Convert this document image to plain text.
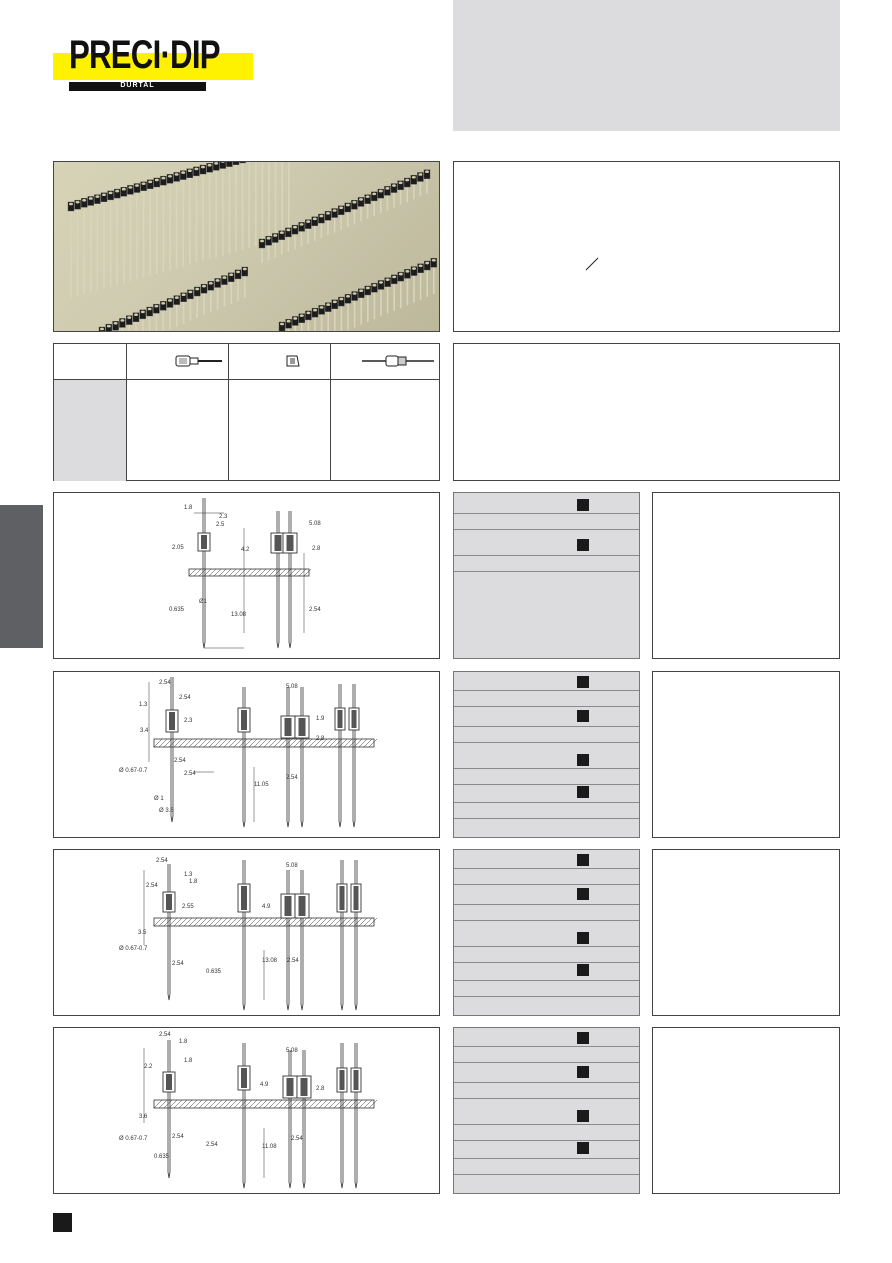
PRECI·DIP
DURTAL
1.8
2.3
2.5
4.2
2.05
Ø1
0.635
13.08
5.08
2.8
2.54
2.54
2.54
1.3
3.4
2.3
Ø 0.67-0.7
2.54
2.54
Ø 1
Ø 3.6
11.05
5.08
1.9
2.8
2.54
2.54
2.54
1.3
1.8
2.55
3.5
Ø 0.67-0.7
2.54
0.635
13.08
5.08
2.54
4.9
2.54
1.8
2.2
1.8
3.6
Ø 0.67-0.7	2.54
2.54
0.635
11.08
5.08
2.54
4.9
2.8
